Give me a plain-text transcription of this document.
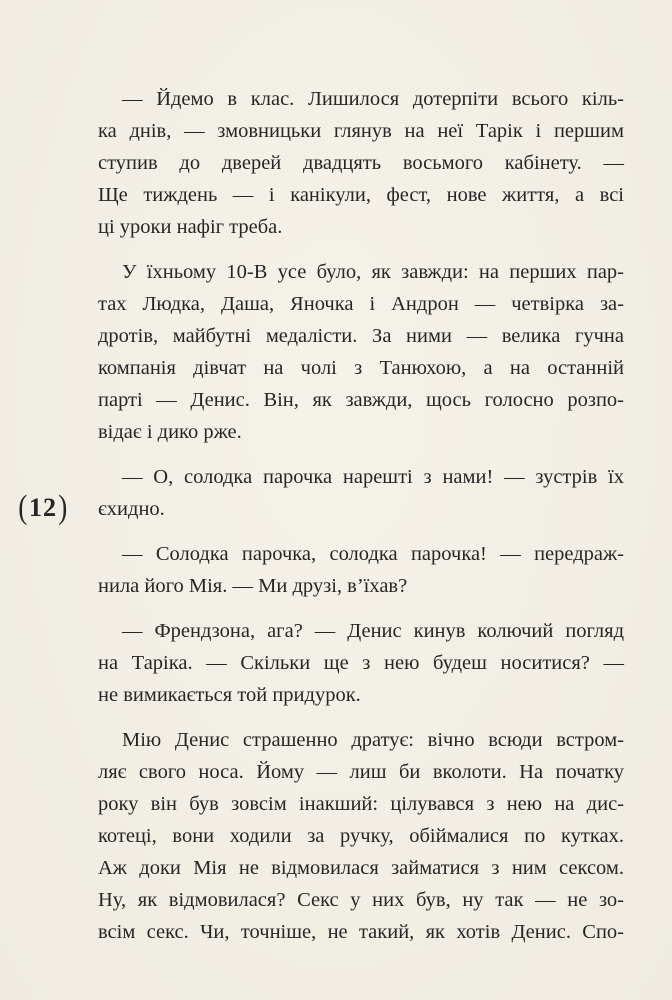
( 12 )
— Йдемо в клас. Лишилося дотерпіти всього кіль-
ка днів, — змовницьки глянув на неї Тарік і першим
ступив до дверей двадцять восьмого кабінету. —
Ще тиждень — і канікули, фест, нове життя, а всі
ці уроки нафіг треба.
У їхньому 10-В усе було, як завжди: на перших пар-
тах Людка, Даша, Яночка і Андрон — четвірка за-
дротів, майбутні медалісти. За ними — велика гучна
компанія дівчат на чолі з Танюхою, а на останній
парті — Денис. Він, як завжди, щось голосно розпо-
відає і дико рже.
— О, солодка парочка нарешті з нами! — зустрів їх
єхидно.
— Солодка парочка, солодка парочка! — передраж-
нила його Мія. — Ми друзі, в’їхав?
— Френдзона, ага? — Денис кинув колючий погляд
на Таріка. — Скільки ще з нею будеш носитися? —
не вимикається той придурок.
Мію Денис страшенно дратує: вічно всюди встром-
ляє свого носа. Йому — лиш би вколоти. На початку
року він був зовсім інакший: цілувався з нею на дис-
котеці, вони ходили за ручку, обіймалися по кутках.
Аж доки Мія не відмовилася займатися з ним сексом.
Ну, як відмовилася? Секс у них був, ну так — не зо-
всім секс. Чи, точніше, не такий, як хотів Денис. Спо-
